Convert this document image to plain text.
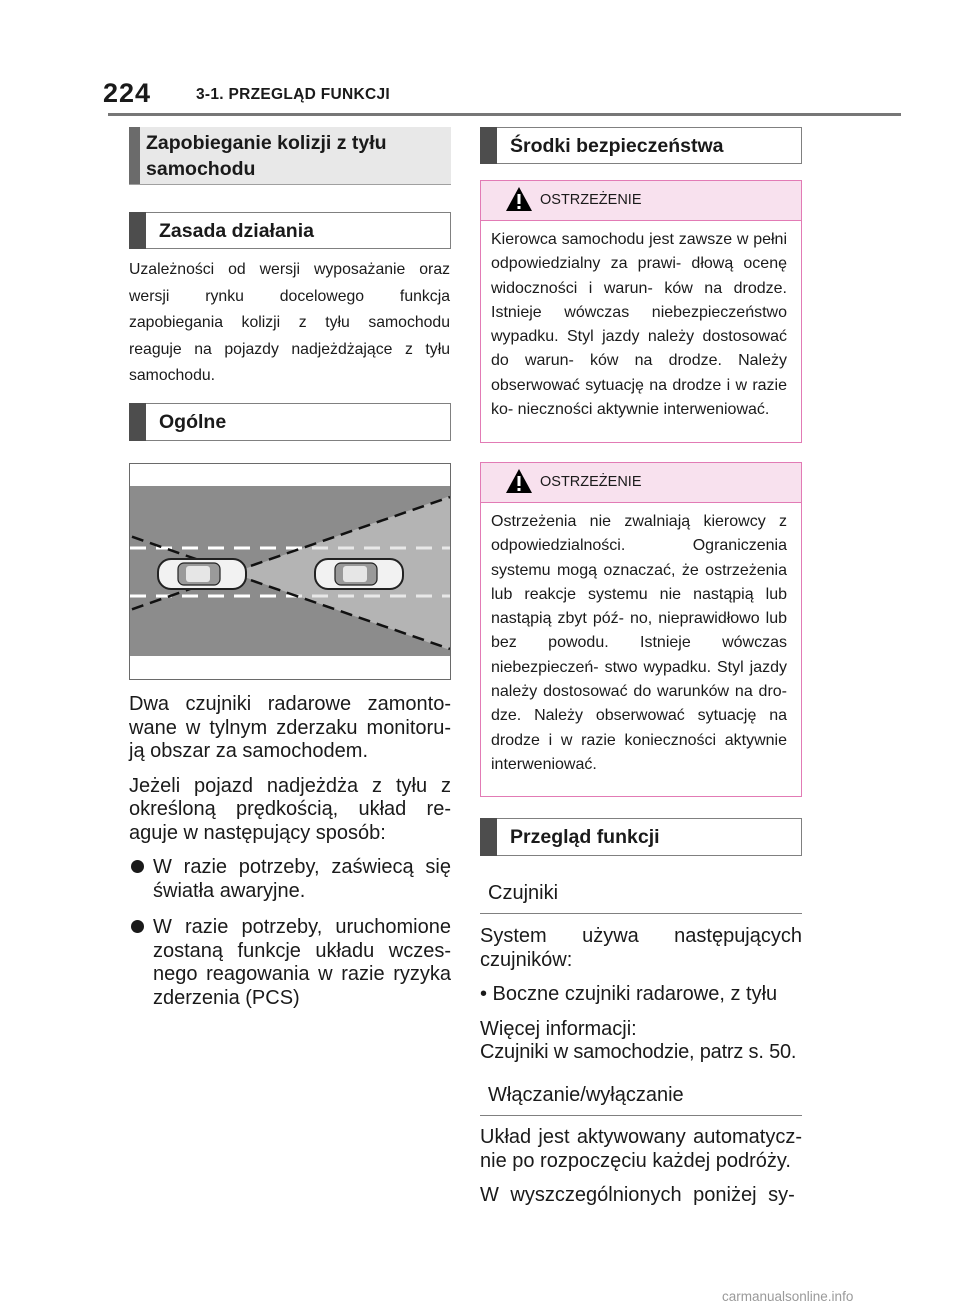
224	3-1. PRZEGLĄD FUNKCJI
Zapobieganie kolizji z tyłu samochodu
Zasada działania
Uzależności od wersji wyposażanie oraz wersji rynku docelowego funkcja zapobiegania kolizji z tyłu samochodu reaguje na pojazdy nadjeżdżające z tyłu samochodu.
Ogólne

Dwa czujniki radarowe zamonto- wane w tylnym zderzaku monitoru- ją obszar za samochodem.

Jeżeli pojazd nadjeżdża z tyłu z określoną prędkością, układ re- aguje w następujący sposób:

W razie potrzeby, zaświecą się światła awaryjne.
W razie potrzeby, uruchomione zostaną funkcje układu wczes- nego reagowania w razie ryzyka zderzenia (PCS)
Środki bezpieczeństwa
OSTRZEŻENIE
Kierowca samochodu jest zawsze w pełni odpowiedzialny za prawi- dłową ocenę widoczności i warun- ków na drodze. Istnieje wówczas niebezpieczeństwo wypadku. Styl jazdy należy dostosować do warun- ków na drodze. Należy obserwować sytuację na drodze i w razie ko- nieczności aktywnie interweniować.
OSTRZEŻENIE
Ostrzeżenia nie zwalniają kierowcy z odpowiedzialności. Ograniczenia systemu mogą oznaczać, że ostrzeżenia lub reakcje systemu nie nastąpią lub nastąpią zbyt póź- no, nieprawidłowo lub bez powodu. Istnieje wówczas niebezpieczeń- stwo wypadku. Styl jazdy należy dostosować do warunków na dro- dze. Należy obserwować sytuację na drodze i w razie konieczności aktywnie interweniować.
Przegląd funkcji
Czujniki

System używa następujących czujników:

• Boczne czujniki radarowe, z tyłu

Więcej informacji:

Czujniki w samochodzie, patrz s. 50.

Włączanie/wyłączanie

Układ jest aktywowany automatycz- nie po rozpoczęciu każdej podróży.

W wyszczególnionych poniżej sy-

carmanualsonline.info
